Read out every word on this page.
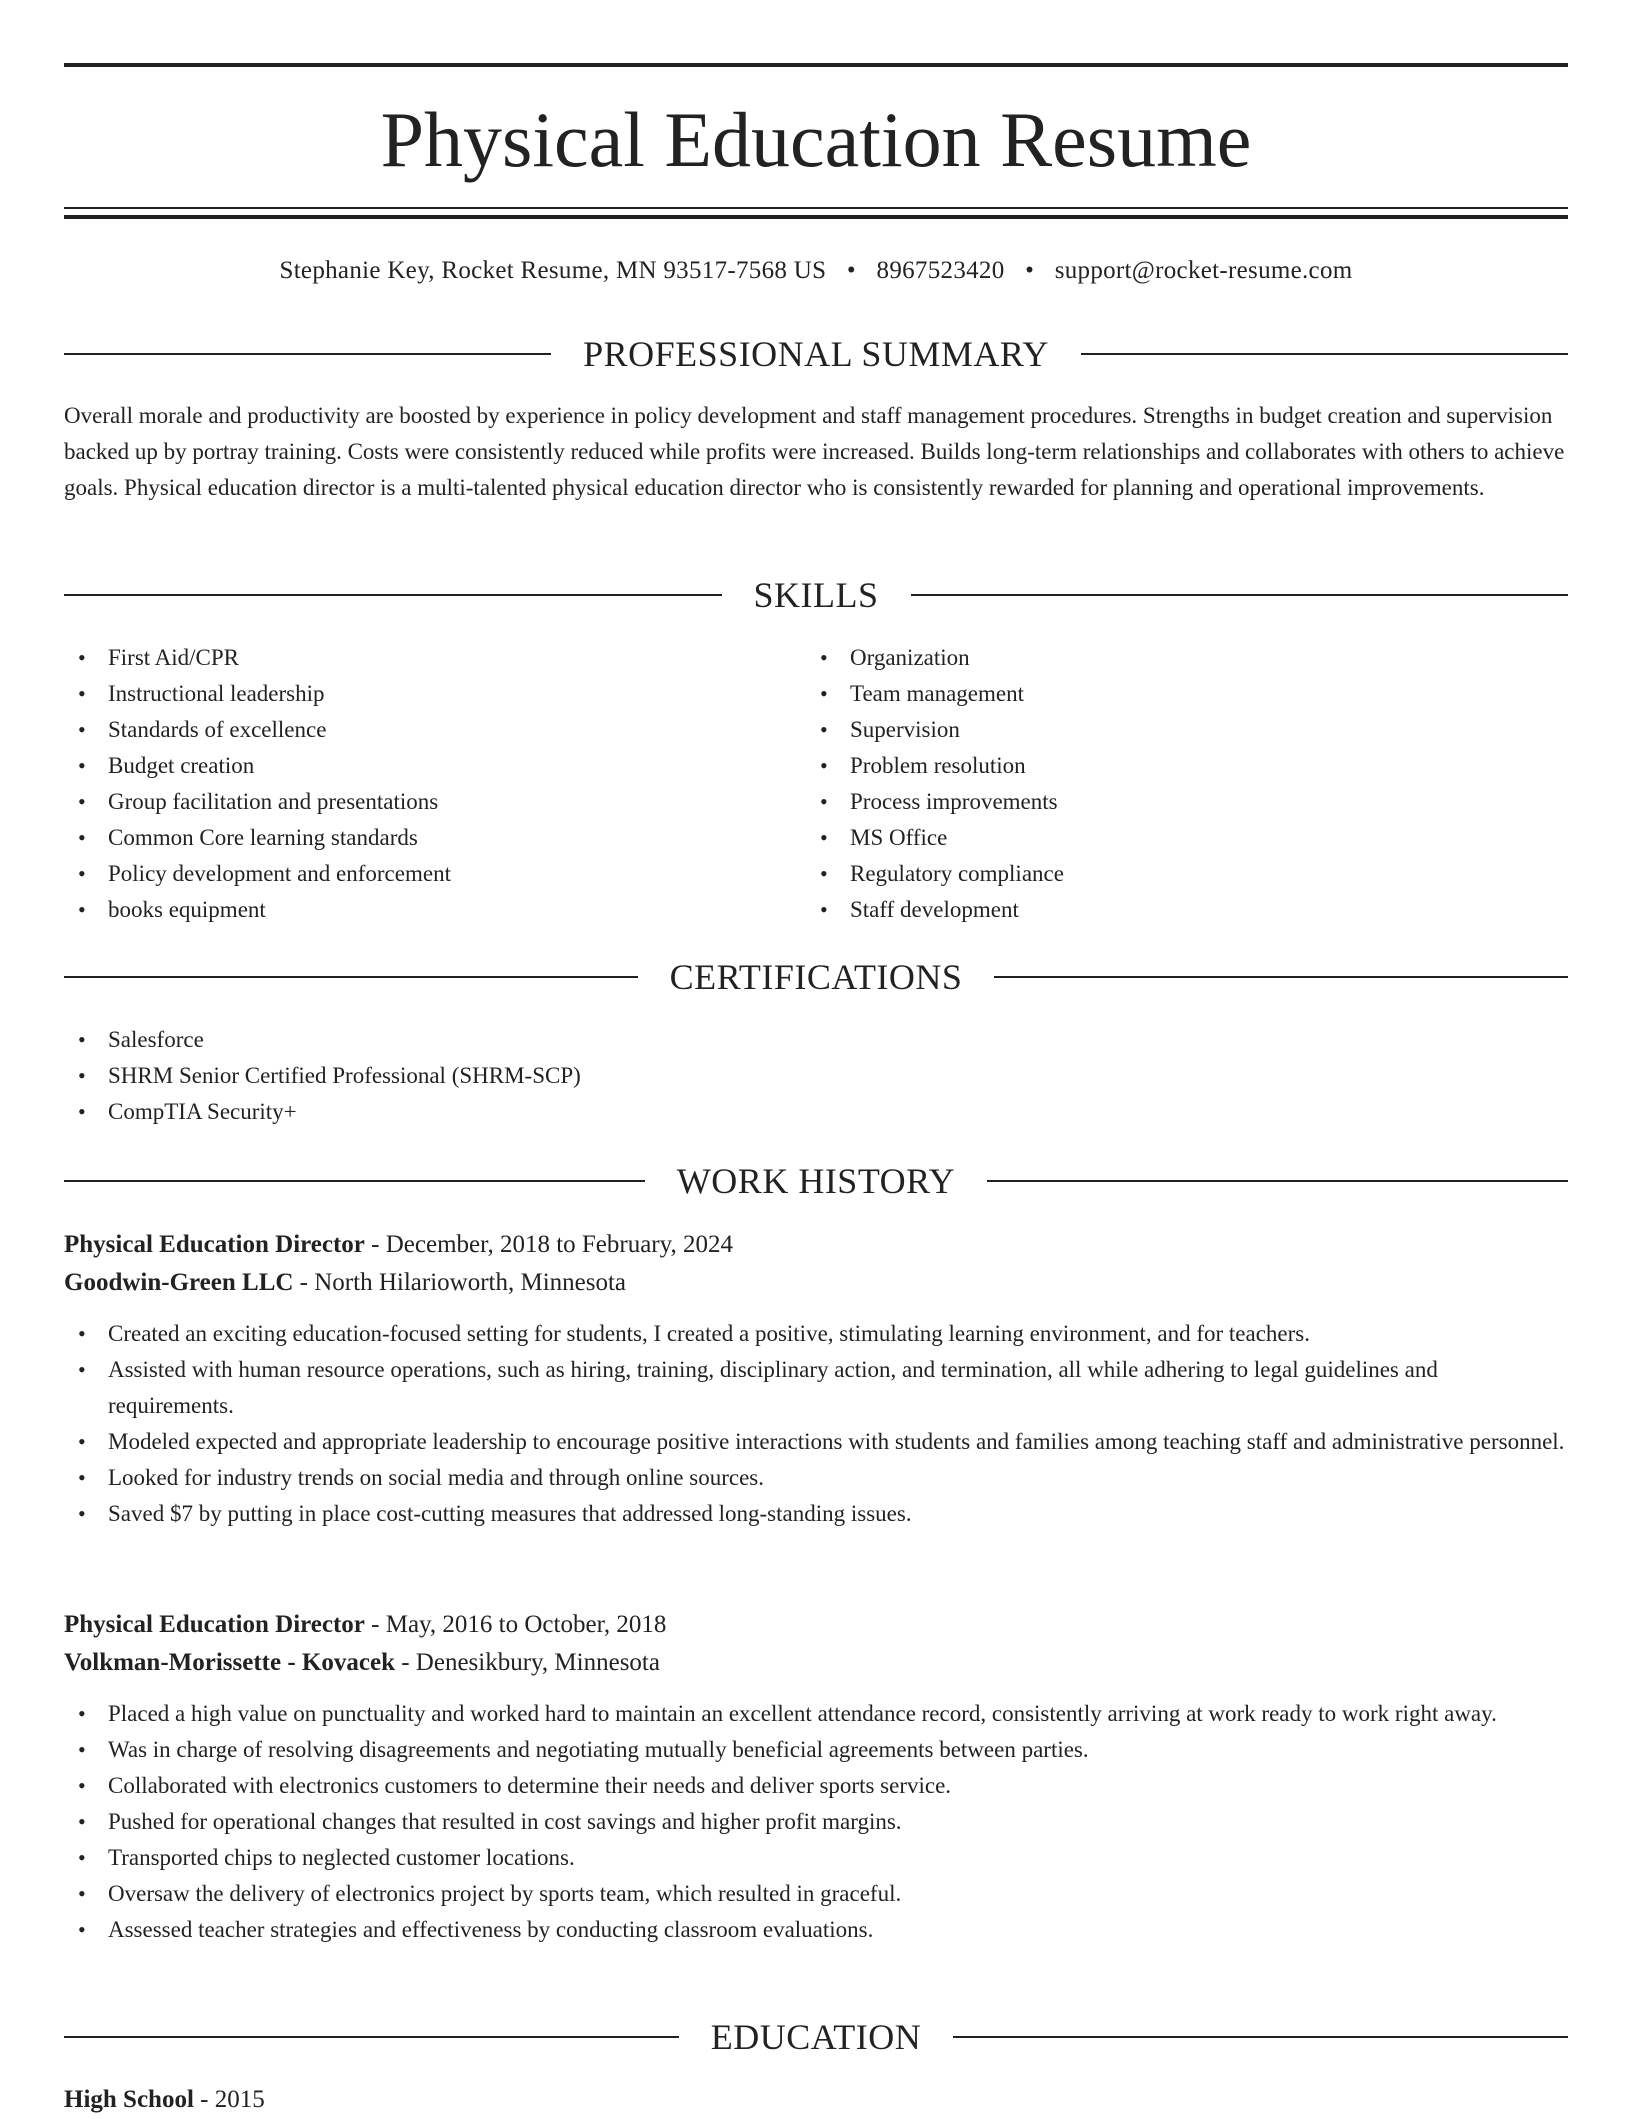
Physical Education Resume
Stephanie Key, Rocket Resume, MN 93517-7568 US • 8967523420 • support@rocket-resume.com
PROFESSIONAL SUMMARY

Overall morale and productivity are boosted by experience in policy development and staff management procedures. Strengths in budget creation and supervision backed up by portray training. Costs were consistently reduced while profits were increased. Builds long-term relationships and collaborates with others to achieve goals. Physical education director is a multi-talented physical education director who is consistently rewarded for planning and operational improvements.

SKILLS
• First Aid/CPR
• Instructional leadership
• Standards of excellence
• Budget creation
• Group facilitation and presentations
• Common Core learning standards
• Policy development and enforcement
• books equipment
• Organization
• Team management
• Supervision
• Problem resolution
• Process improvements
• MS Office
• Regulatory compliance
• Staff development
CERTIFICATIONS
• Salesforce
• SHRM Senior Certified Professional (SHRM-SCP)
• CompTIA Security+
WORK HISTORY
Physical Education Director - December, 2018 to February, 2024
Goodwin-Green LLC - North Hilarioworth, Minnesota
• Created an exciting education-focused setting for students, I created a positive, stimulating learning environment, and for teachers.
• Assisted with human resource operations, such as hiring, training, disciplinary action, and termination, all while adhering to legal guidelines and requirements.
• Modeled expected and appropriate leadership to encourage positive interactions with students and families among teaching staff and administrative personnel.
• Looked for industry trends on social media and through online sources.
• Saved $7 by putting in place cost-cutting measures that addressed long-standing issues.
Physical Education Director - May, 2016 to October, 2018
Volkman-Morissette - Kovacek - Denesikbury, Minnesota
• Placed a high value on punctuality and worked hard to maintain an excellent attendance record, consistently arriving at work ready to work right away.
• Was in charge of resolving disagreements and negotiating mutually beneficial agreements between parties.
• Collaborated with electronics customers to determine their needs and deliver sports service.
• Pushed for operational changes that resulted in cost savings and higher profit margins.
• Transported chips to neglected customer locations.
• Oversaw the delivery of electronics project by sports team, which resulted in graceful.
• Assessed teacher strategies and effectiveness by conducting classroom evaluations.
EDUCATION
High School - 2015
